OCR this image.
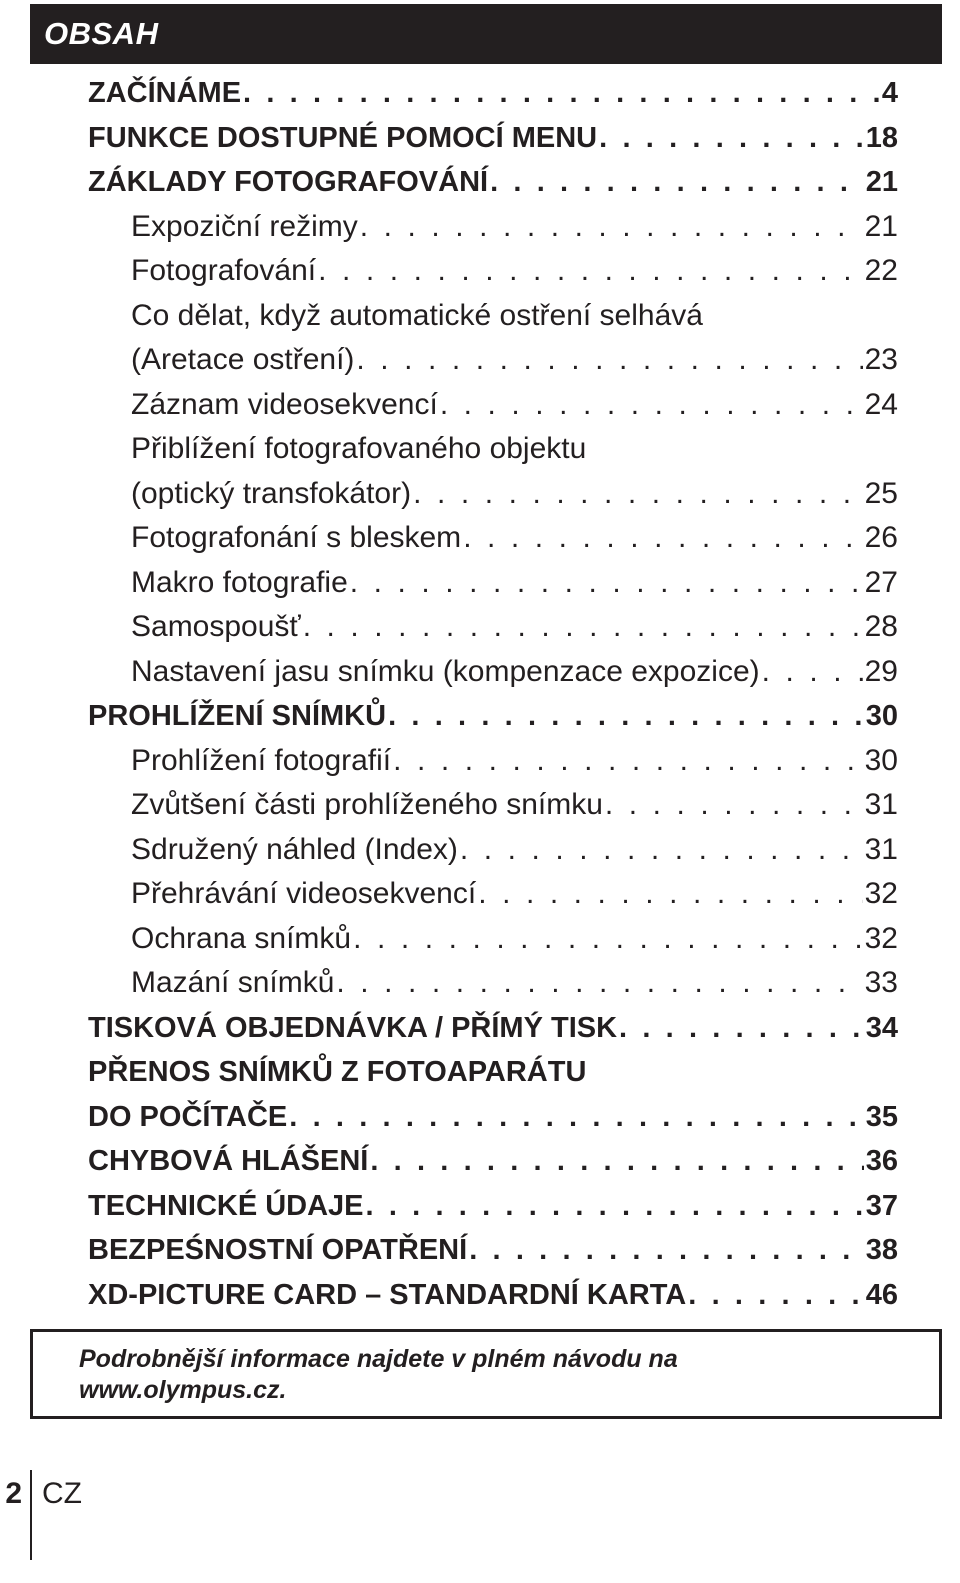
OBSAH
ZAČÍNÁME . . .	4
FUNKCE DOSTUPNÉ POMOCÍ MENU . . .	18
ZÁKLADY FOTOGRAFOVÁNÍ . . .	21
Expoziční režimy . . .	21
Fotografování . . .	22
Co dělat, když automatické ostření selhává
(Aretace ostření) . . .	23
Záznam videosekvencí . . .	24
Přiblížení fotografovaného objektu
(optický transfokátor) . . .	25
Fotografonání s bleskem . . .	26
Makro fotografie . . .	27
Samospoušť . . .	28
Nastavení jasu snímku (kompenzace expozice) . . .	29
PROHLÍŽENÍ SNÍMKŮ . . .	30
Prohlížení fotografií . . .	30
Zvůtšení části prohlíženého snímku . . .	31
Sdružený náhled (Index) . . .	31
Přehrávání videosekvencí . . .	32
Ochrana snímků . . .	32
Mazání snímků . . .	33
TISKOVÁ OBJEDNÁVKA / PŘÍMÝ TISK . . .	34
PŘENOS SNÍMKŮ Z FOTOAPARÁTU
DO POČÍTAČE . . .	35
CHYBOVÁ HLÁŠENÍ . . .	36
TECHNICKÉ ÚDAJE . . .	37
BEZPEŚNOSTNÍ OPATŘENÍ . . .	38
XD-PICTURE CARD – STANDARDNÍ KARTA . . .	46
Podrobnější informace najdete v plném návodu na
www.olympus.cz.
2 CZ
